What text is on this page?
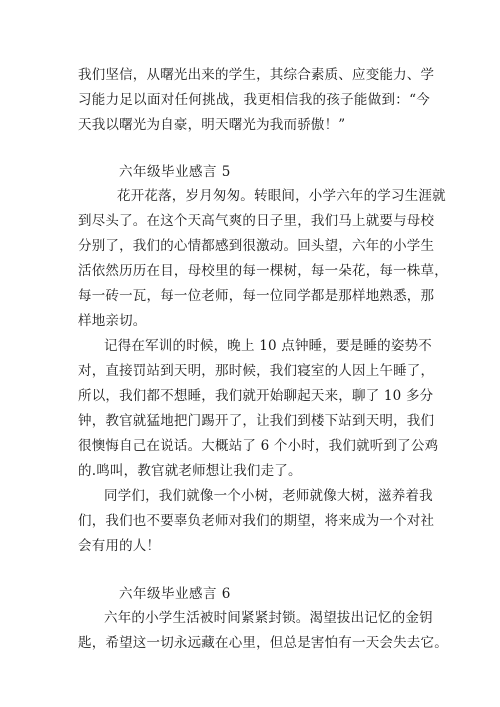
我们坚信，从曙光出来的学生，其综合素质、应变能力、学
习能力足以面对任何挑战，我更相信我的孩子能做到：“今
天我以曙光为自豪，明天曙光为我而骄傲！”
六年级毕业感言 5
花开花落，岁月匆匆。转眼间，小学六年的学习生涯就
到尽头了。在这个天高气爽的日子里，我们马上就要与母校
分别了，我们的心情都感到很激动。回头望，六年的小学生
活依然历历在目，母校里的每一棵树，每一朵花，每一株草，
每一砖一瓦，每一位老师，每一位同学都是那样地熟悉，那
样地亲切。
记得在军训的时候，晚上 10 点钟睡，要是睡的姿势不
对，直接罚站到天明，那时候，我们寝室的人因上午睡了，
所以，我们都不想睡，我们就开始聊起天来，聊了 10 多分
钟，教官就猛地把门踢开了，让我们到楼下站到天明，我们
很懊悔自己在说话。大概站了 6 个小时，我们就听到了公鸡
的.鸣叫，教官就老师想让我们走了。
同学们，我们就像一个小树，老师就像大树，滋养着我
们，我们也不要辜负老师对我们的期望，将来成为一个对社
会有用的人！
六年级毕业感言 6
六年的小学生活被时间紧紧封锁。渴望拔出记忆的金钥
匙，希望这一切永远藏在心里，但总是害怕有一天会失去它。
